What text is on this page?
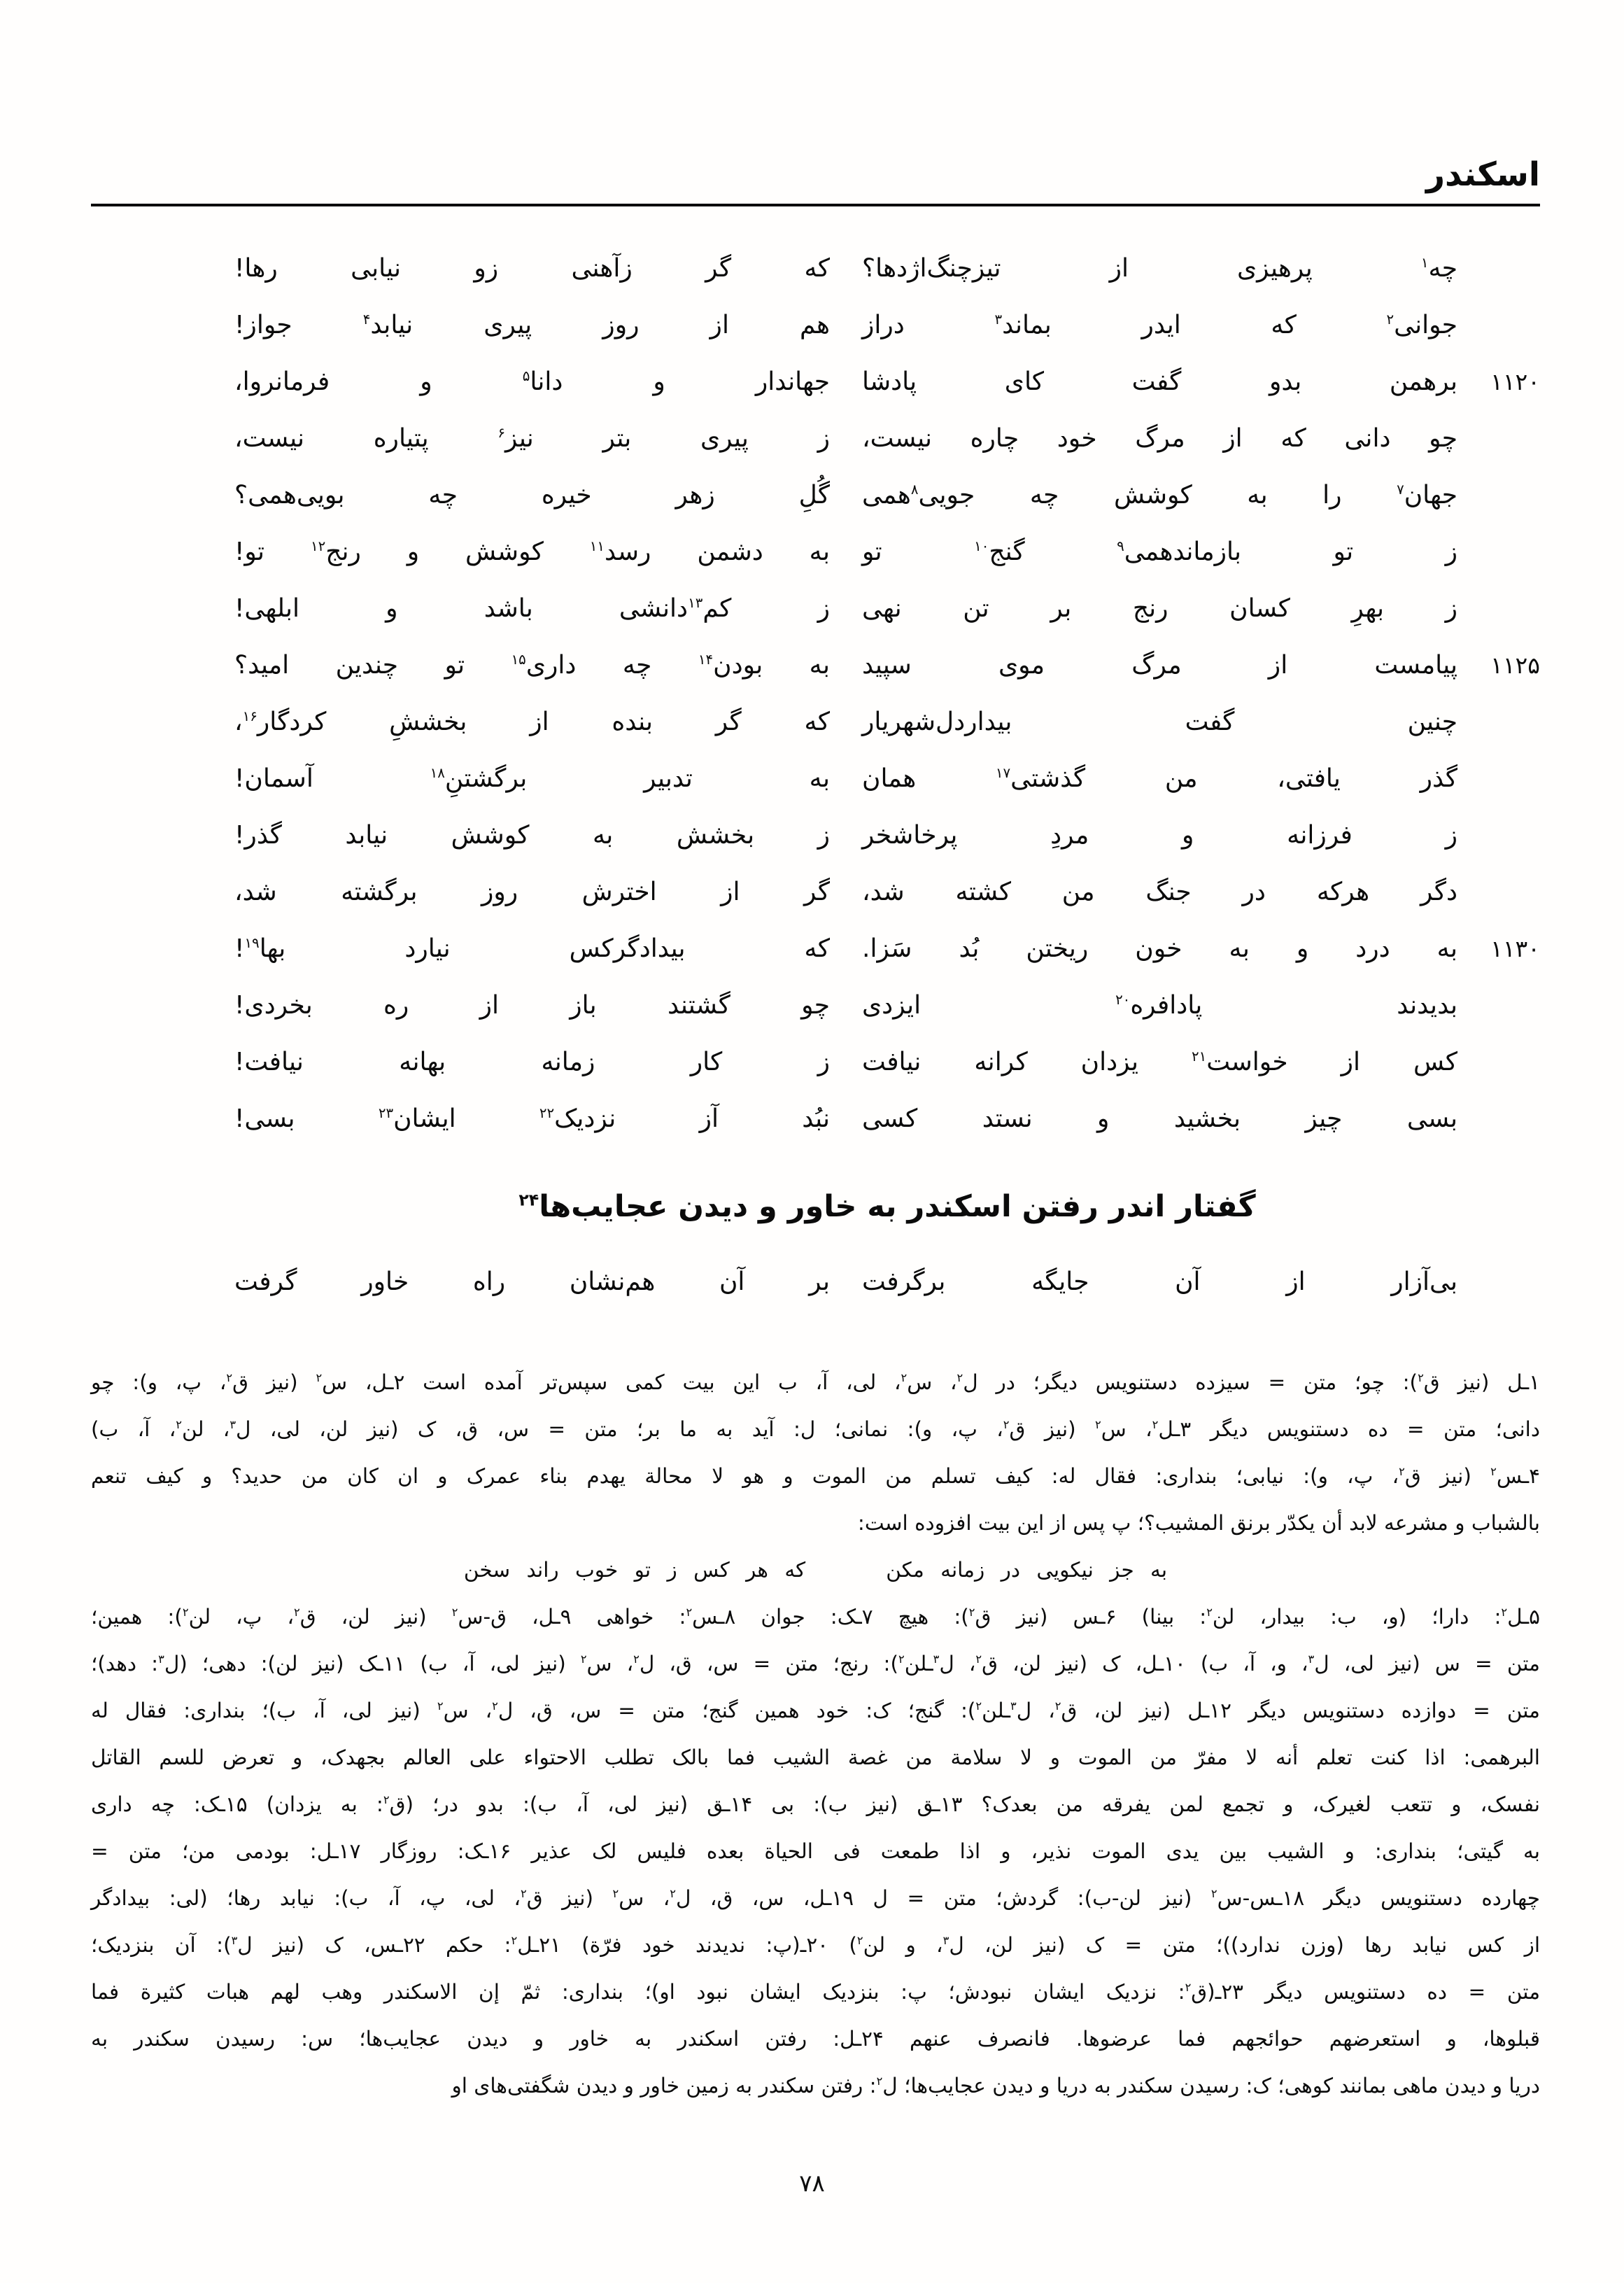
اسکندر
چه$^۱$ پرهیزی از تیزچنگ‌اژدها؟
که گر زآهنی زو نیابی رها!
جوانی$^۲$ که ایدر بماند$^۳$ دراز
هم از روز پیری نیابد$^۴$ جواز!
۱۱۲۰
برهمن بدو گفت کای پادشا
جهاندار و دانا$^۵$ و فرمانروا،
چو دانی که از مرگ خود چاره نیست،
ز پیری بتر نیز$^۶$ پتیاره نیست،
جهان$^۷$ را به کوشش چه جویی$^۸$همی
گُلِ زهر خیره چه بویی‌همی؟
ز تو بازماندهمی$^۹$ گنج$^{۱۰}$ تو
به دشمن رسد$^{۱۱}$ کوشش و رنج$^{۱۲}$ تو!
ز بهرِ کسان رنج بر تن نهی
ز کم$^{۱۳}$دانشی باشد و ابلهی!
۱۱۲۵
پیامست از مرگ موی سپید
به بودن$^{۱۴}$ چه داری$^{۱۵}$ تو چندین امید؟
چنین گفت بیداردل‌شهریار
که گر بنده از بخششِ کردگار$^{۱۶}$،
گذر یافتی، من گذشتی$^{۱۷}$ همان
به تدبیر برگشتنِ$^{۱۸}$ آسمان!
ز فرزانه و مردِ پرخاشخر
ز بخشش به کوشش نیابد گذر!
دگر هرکه در جنگ من کشته شد،
گر از اخترش روز برگشته شد،
۱۱۳۰
به درد و به خون ریختن بُد سَزا.
که بیدادگرکس نیارد بها$^{۱۹}$!
بدیدند پادافره$^{۲۰}$ ایزدی
چو گشتند باز از ره بخردی!
کس از خواست$^{۲۱}$ یزدان کرانه نیافت
ز کار زمانه بهانه نیافت!
بسی چیز بخشید و نستد کسی
نبُد آز نزدیک$^{۲۲}$ ایشان$^{۲۳}$ بسی!
گفتار اندر رفتن اسکندر به خاور و دیدن عجایب‌ها$^{۲۴}$
بی‌آزار از آن جایگه برگرفت
بر آن هم‌نشان راه خاور گرفت
۱ـل (نیز ق$^۲$): چو؛ متن = سیزده دستنویس دیگر؛ در ل$^۲$، س$^۲$، لی، آ، ب این بیت کمی سپس‌تر آمده است ۲ـل، س$^۲$ (نیز ق$^۲$، پ، و): چو
دانی؛ متن = ده دستنویس دیگر ۳ـل$^۲$، س$^۲$ (نیز ق$^۲$، پ، و): نمانی؛ ل: آید به ما بر؛ متن = س، ق، ک (نیز لن، لی، ل$^۳$، لن$^۲$، آ، ب)
۴ـس$^۲$ (نیز ق$^۲$، پ، و): نیابی؛ بنداری: فقال له: کیف تسلم من الموت و هو لا محالة یهدم بناء عمرک و ان کان من حدید؟ و کیف تنعم
بالشباب و مشرعه لابد أن یکدّر برنق المشیب؟؛ پ پس از این بیت افزوده است:
به جز نیکویی در زمانه مکن
که هر کس ز تو خوب راند سخن
۵ـل$^۲$: دارا؛ (و، ب: بیدار، لن$^۲$: بینا) ۶ـس (نیز ق$^۲$): هیچ ۷ـک: جوان ۸ـس$^۲$: خواهی ۹ـل، ق-س$^۲$ (نیز لن، ق$^۲$، پ، لن$^۲$): همین؛
متن = س (نیز لی، ل$^۳$، و، آ، ب) ۱۰ـل، ک (نیز لن، ق$^۲$، ل$^۳$ـلن$^۲$): رنج؛ متن = س، ق، ل$^۲$، س$^۲$ (نیز لی، آ، ب) ۱۱ـک (نیز لن): دهی؛ (ل$^۳$: دهد)؛
متن = دوازده دستنویس دیگر ۱۲ـل (نیز لن، ق$^۲$، ل$^۳$ـلن$^۲$): گنج؛ ک: خود همین گنج؛ متن = س، ق، ل$^۲$، س$^۲$ (نیز لی، آ، ب)؛ بنداری: فقال له
البرهمی: اذا کنت تعلم أنه لا مفرّ من الموت و لا سلامة من غصة الشیب فما بالک تطلب الاحتواء علی العالم بجهدک، و تعرض للسم القاتل
نفسک، و تتعب لغیرک، و تجمع لمن یفرقه من بعدک؟ ۱۳ـق (نیز ب): بی ۱۴ـق (نیز لی، آ، ب): بدو در؛ (ق$^۲$: به یزدان) ۱۵ـک: چه داری
به گیتی؛ بنداری: و الشیب بین یدی الموت نذیر، و اذا طمعت فی الحیاة بعده فلیس لک عذیر ۱۶ـک: روزگار ۱۷ـل: بودمی من؛ متن =
چهارده دستنویس دیگر ۱۸ـس-س$^۲$ (نیز لن-ب): گردش؛ متن = ل ۱۹ـل، س، ق، ل$^۲$، س$^۲$ (نیز ق$^۲$، لی، پ، آ، ب): نیابد رها؛ (لی: بیدادگر
از کس نیابد رها (وزن ندارد))؛ متن = ک (نیز لن، ل$^۳$، و لن$^۲$) ۲۰ـ(پ: ندیدند خود فرّة) ۲۱ـل$^۲$: حکم ۲۲ـس، ک (نیز ل$^۳$): آن بنزدیک؛
متن = ده دستنویس دیگر ۲۳ـ(ق$^۲$: نزدیک ایشان نبودش؛ پ: بنزدیک ایشان نبود او)؛ بنداری: ثمّ إن الاسکندر وهب لهم هبات کثیرة فما
قبلوها، و استعرضهم حوائجهم فما عرضوها. فانصرف عنهم ۲۴ـل: رفتن اسکندر به خاور و دیدن عجایب‌ها؛ س: رسیدن سکندر به
دریا و دیدن ماهی بمانند کوهی؛ ک: رسیدن سکندر به دریا و دیدن عجایب‌ها؛ ل$^۲$: رفتن سکندر به زمین خاور و دیدن شگفتی‌های او
۷۸
